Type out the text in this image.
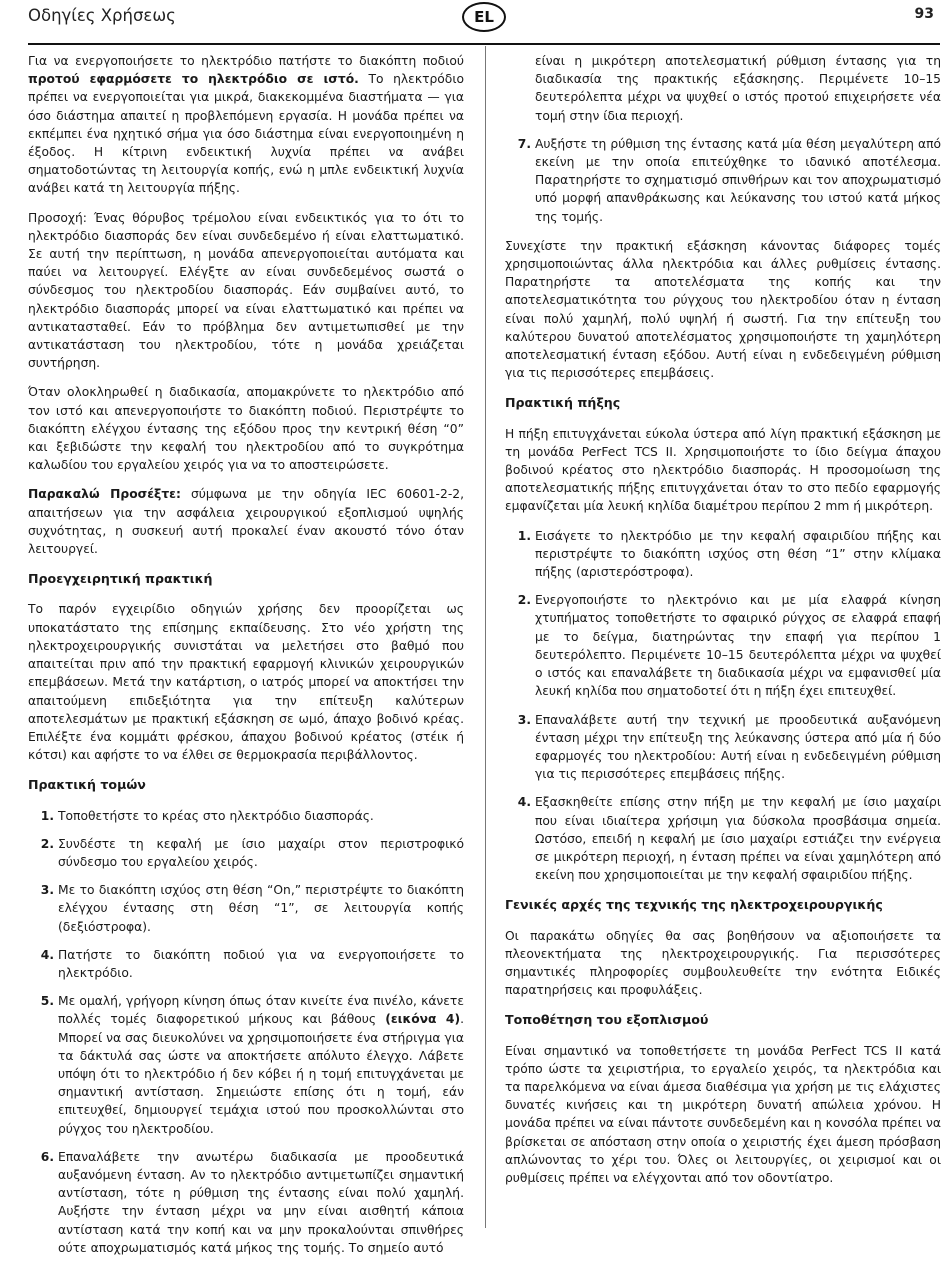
Οδηγίες Χρήσεως	EL	93

Για να ενεργοποιήσετε το ηλεκτρόδιο πατήστε το διακόπτη ποδιού προτού εφαρμόσετε το ηλεκτρόδιο σε ιστό. Το ηλεκτρόδιο πρέπει να ενεργοποιείται για μικρά, διακεκομμένα διαστήματα — για όσο διάστημα απαιτεί η προβλεπόμενη εργασία. Η μονάδα πρέπει να εκπέμπει ένα ηχητικό σήμα για όσο διάστημα είναι ενεργοποιημένη η έξοδος. Η κίτρινη ενδεικτική λυχνία πρέπει να ανάβει σηματοδοτώντας τη λειτουργία κοπής, ενώ η μπλε ενδεικτική λυχνία ανάβει κατά τη λειτουργία πήξης.

Προσοχή: Ένας θόρυβος τρέμολου είναι ενδεικτικός για το ότι το ηλεκτρόδιο διασποράς δεν είναι συνδεδεμένο ή είναι ελαττωματικό. Σε αυτή την περίπτωση, η μονάδα απενεργοποιείται αυτόματα και παύει να λειτουργεί. Ελέγξτε αν είναι συνδεδεμένος σωστά ο σύνδεσμος του ηλεκτροδίου διασποράς. Εάν συμβαίνει αυτό, το ηλεκτρόδιο διασποράς μπορεί να είναι ελαττωματικό και πρέπει να αντικατασταθεί. Εάν το πρόβλημα δεν αντιμετωπισθεί με την αντικατάσταση του ηλεκτροδίου, τότε η μονάδα χρειάζεται συντήρηση.

Όταν ολοκληρωθεί η διαδικασία, απομακρύνετε το ηλεκτρόδιο από τον ιστό και απενεργοποιήστε το διακόπτη ποδιού. Περιστρέψτε το διακόπτη ελέγχου έντασης της εξόδου προς την κεντρική θέση “0” και ξεβιδώστε την κεφαλή του ηλεκτροδίου από το συγκρότημα καλωδίου του εργαλείου χειρός για να το αποστειρώσετε.

Παρακαλώ Προσέξτε: σύμφωνα με την οδηγία IEC 60601-2-2, απαιτήσεων για την ασφάλεια χειρουργικού εξοπλισμού υψηλής συχνότητας, η συσκευή αυτή προκαλεί έναν ακουστό τόνο όταν λειτουργεί.

Προεγχειρητική πρακτική

Το παρόν εγχειρίδιο οδηγιών χρήσης δεν προορίζεται ως υποκατάστατο της επίσημης εκπαίδευσης. Στο νέο χρήστη της ηλεκτροχειρουργικής συνιστάται να μελετήσει στο βαθμό που απαιτείται πριν από την πρακτική εφαρμογή κλινικών χειρουργικών επεμβάσεων. Μετά την κατάρτιση, ο ιατρός μπορεί να αποκτήσει την απαιτούμενη επιδεξιότητα για την επίτευξη καλύτερων αποτελεσμάτων με πρακτική εξάσκηση σε ωμό, άπαχο βοδινό κρέας. Επιλέξτε ένα κομμάτι φρέσκου, άπαχου βοδινού κρέατος (στέικ ή κότσι) και αφήστε το να έλθει σε θερμοκρασία περιβάλλοντος.

Πρακτική τομών
1. Τοποθετήστε το κρέας στο ηλεκτρόδιο διασποράς.
2. Συνδέστε τη κεφαλή με ίσιο μαχαίρι στον περιστροφικό σύνδεσμο του εργαλείου χειρός.
3. Με το διακόπτη ισχύος στη θέση “On,” περιστρέψτε το διακόπτη ελέγχου έντασης στη θέση “1”, σε λειτουργία κοπής (δεξιόστροφα).
4. Πατήστε το διακόπτη ποδιού για να ενεργοποιήσετε το ηλεκτρόδιο.
5. Με ομαλή, γρήγορη κίνηση όπως όταν κινείτε ένα πινέλο, κάνετε πολλές τομές διαφορετικού μήκους και βάθους (εικόνα 4). Μπορεί να σας διευκολύνει να χρησιμοποιήσετε ένα στήριγμα για τα δάκτυλά σας ώστε να αποκτήσετε απόλυτο έλεγχο. Λάβετε υπόψη ότι το ηλεκτρόδιο ή δεν κόβει ή η τομή επιτυγχάνεται με σημαντική αντίσταση. Σημειώστε επίσης ότι η τομή, εάν επιτευχθεί, δημιουργεί τεμάχια ιστού που προσκολλώνται στο ρύγχος του ηλεκτροδίου.
6. Επαναλάβετε την ανωτέρω διαδικασία με προοδευτικά αυξανόμενη ένταση. Αν το ηλεκτρόδιο αντιμετωπίζει σημαντική αντίσταση, τότε η ρύθμιση της έντασης είναι πολύ χαμηλή. Αυξήστε την ένταση μέχρι να μην είναι αισθητή κάποια αντίσταση κατά την κοπή και να μην προκαλούνται σπινθήρες ούτε αποχρωματισμός κατά μήκος της τομής. Το σημείο αυτό

είναι η μικρότερη αποτελεσματική ρύθμιση έντασης για τη διαδικασία της πρακτικής εξάσκησης. Περιμένετε 10–15 δευτερόλεπτα μέχρι να ψυχθεί ο ιστός προτού επιχειρήσετε νέα τομή στην ίδια περιοχή.

7. Αυξήστε τη ρύθμιση της έντασης κατά μία θέση μεγαλύτερη από εκείνη με την οποία επιτεύχθηκε το ιδανικό αποτέλεσμα. Παρατηρήστε το σχηματισμό σπινθήρων και τον αποχρωματισμό υπό μορφή απανθράκωσης και λεύκανσης του ιστού κατά μήκος της τομής.

Συνεχίστε την πρακτική εξάσκηση κάνοντας διάφορες τομές χρησιμοποιώντας άλλα ηλεκτρόδια και άλλες ρυθμίσεις έντασης. Παρατηρήστε τα αποτελέσματα της κοπής και την αποτελεσματικότητα του ρύγχους του ηλεκτροδίου όταν η ένταση είναι πολύ χαμηλή, πολύ υψηλή ή σωστή. Για την επίτευξη του καλύτερου δυνατού αποτελέσματος χρησιμοποιήστε τη χαμηλότερη αποτελεσματική ένταση εξόδου. Αυτή είναι η ενδεδειγμένη ρύθμιση για τις περισσότερες επεμβάσεις.

Πρακτική πήξης

Η πήξη επιτυγχάνεται εύκολα ύστερα από λίγη πρακτική εξάσκηση με τη μονάδα PerFect TCS II. Χρησιμοποιήστε το ίδιο δείγμα άπαχου βοδινού κρέατος στο ηλεκτρόδιο διασποράς. Η προσομοίωση της αποτελεσματικής πήξης επιτυγχάνεται όταν το στο πεδίο εφαρμογής εμφανίζεται μία λευκή κηλίδα διαμέτρου περίπου 2 mm ή μικρότερη.

1. Εισάγετε το ηλεκτρόδιο με την κεφαλή σφαιριδίου πήξης και περιστρέψτε το διακόπτη ισχύος στη θέση “1” στην κλίμακα πήξης (αριστερόστροφα).
2. Ενεργοποιήστε το ηλεκτρόνιο και με μία ελαφρά κίνηση χτυπήματος τοποθετήστε το σφαιρικό ρύγχος σε ελαφρά επαφή με το δείγμα, διατηρώντας την επαφή για περίπου 1 δευτερόλεπτο. Περιμένετε 10–15 δευτερόλεπτα μέχρι να ψυχθεί ο ιστός και επαναλάβετε τη διαδικασία μέχρι να εμφανισθεί μία λευκή κηλίδα που σηματοδοτεί ότι η πήξη έχει επιτευχθεί.
3. Επαναλάβετε αυτή την τεχνική με προοδευτικά αυξανόμενη ένταση μέχρι την επίτευξη της λεύκανσης ύστερα από μία ή δύο εφαρμογές του ηλεκτροδίου: Αυτή είναι η ενδεδειγμένη ρύθμιση για τις περισσότερες επεμβάσεις πήξης.
4. Εξασκηθείτε επίσης στην πήξη με την κεφαλή με ίσιο μαχαίρι που είναι ιδιαίτερα χρήσιμη για δύσκολα προσβάσιμα σημεία. Ωστόσο, επειδή η κεφαλή με ίσιο μαχαίρι εστιάζει την ενέργεια σε μικρότερη περιοχή, η ένταση πρέπει να είναι χαμηλότερη από εκείνη που χρησιμοποιείται με την κεφαλή σφαιριδίου πήξης.
Γενικές αρχές της τεχνικής της ηλεκτροχειρουργικής

Οι παρακάτω οδηγίες θα σας βοηθήσουν να αξιοποιήσετε τα πλεονεκτήματα της ηλεκτροχειρουργικής. Για περισσότερες σημαντικές πληροφορίες συμβουλευθείτε την ενότητα Ειδικές παρατηρήσεις και προφυλάξεις.

Τοποθέτηση του εξοπλισμού

Είναι σημαντικό να τοποθετήσετε τη μονάδα PerFect TCS II κατά τρόπο ώστε τα χειριστήρια, το εργαλείο χειρός, τα ηλεκτρόδια και τα παρελκόμενα να είναι άμεσα διαθέσιμα για χρήση με τις ελάχιστες δυνατές κινήσεις και τη μικρότερη δυνατή απώλεια χρόνου. Η μονάδα πρέπει να είναι πάντοτε συνδεδεμένη και η κονσόλα πρέπει να βρίσκεται σε απόσταση στην οποία ο χειριστής έχει άμεση πρόσβαση απλώνοντας το χέρι του. Όλες οι λειτουργίες, οι χειρισμοί και οι ρυθμίσεις πρέπει να ελέγχονται από τον οδοντίατρο.
